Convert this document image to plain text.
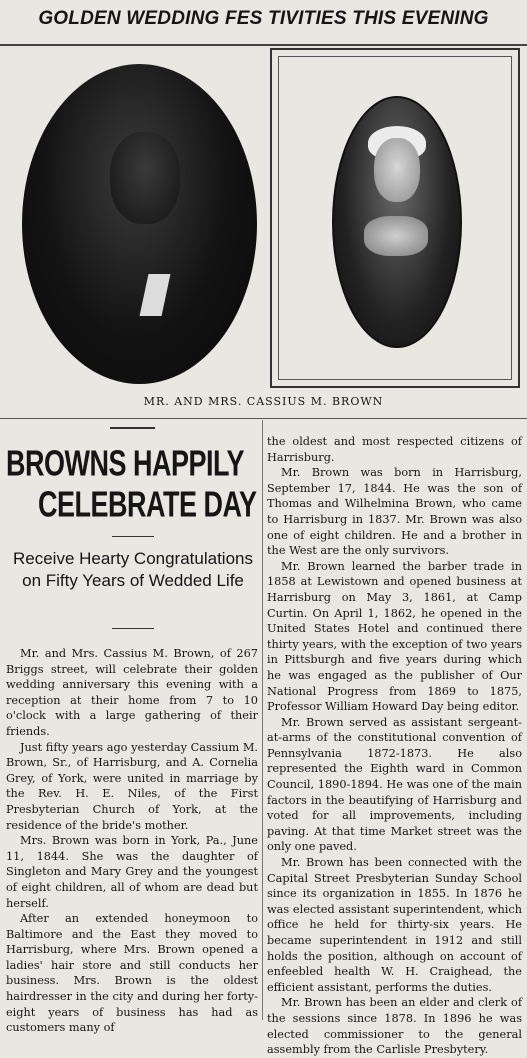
GOLDEN WEDDING FES TIVITIES THIS EVENING
MR. AND MRS. CASSIUS M. BROWN
BROWNS HAPPILY
CELEBRATE DAY
Receive Hearty Congratulations on Fifty Years of Wedded Life

Mr. and Mrs. Cassius M. Brown, of 267 Briggs street, will celebrate their golden wedding anniversary this evening with a reception at their home from 7 to 10 o'clock with a large gathering of their friends.

Just fifty years ago yesterday Cassium M. Brown, Sr., of Harrisburg, and A. Cornelia Grey, of York, were united in marriage by the Rev. H. E. Niles, of the First Presbyterian Church of York, at the residence of the bride's mother.

Mrs. Brown was born in York, Pa., June 11, 1844. She was the daughter of Singleton and Mary Grey and the youngest of eight children, all of whom are dead but herself.

After an extended honeymoon to Baltimore and the East they moved to Harrisburg, where Mrs. Brown opened a ladies' hair store and still conducts her business. Mrs. Brown is the oldest hairdresser in the city and during her forty-eight years of business has had as customers many of

the oldest and most respected citizens of Harrisburg.

Mr. Brown was born in Harrisburg, September 17, 1844. He was the son of Thomas and Wilhelmina Brown, who came to Harrisburg in 1837. Mr. Brown was also one of eight children. He and a brother in the West are the only survivors.

Mr. Brown learned the barber trade in 1858 at Lewistown and opened business at Harrisburg on May 3, 1861, at Camp Curtin. On April 1, 1862, he opened in the United States Hotel and continued there thirty years, with the exception of two years in Pittsburgh and five years during which he was engaged as the publisher of Our National Progress from 1869 to 1875, Professor William Howard Day being editor.

Mr. Brown served as assistant sergeant-at-arms of the constitutional convention of Pennsylvania 1872-1873. He also represented the Eighth ward in Common Council, 1890-1894. He was one of the main factors in the beautifying of Harrisburg and voted for all improvements, including paving. At that time Market street was the only one paved.

Mr. Brown has been connected with the Capital Street Presbyterian Sunday School since its organization in 1855. In 1876 he was elected assistant superintendent, which office he held for thirty-six years. He became superintendent in 1912 and still holds the position, although on account of enfeebled health W. H. Craighead, the efficient assistant, performs the duties.

Mr. Brown has been an elder and clerk of the sessions since 1878. In 1896 he was elected commissioner to the general assembly from the Carlisle Presbytery.
